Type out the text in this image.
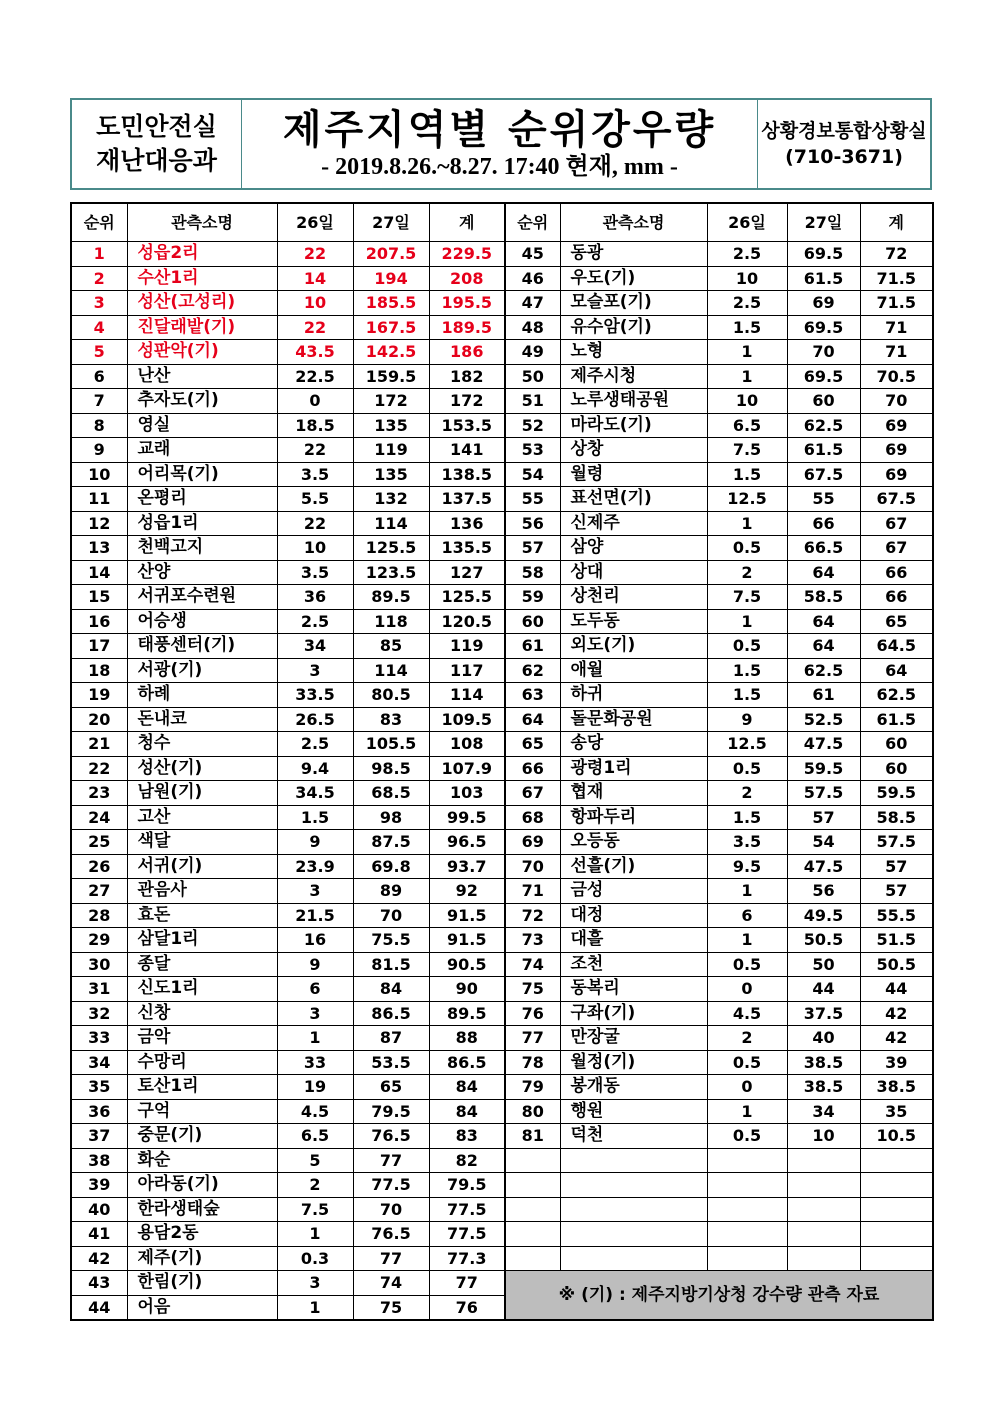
도민안전실
재난대응과
제주지역별 순위강우량
- 2019.8.26.~8.27. 17:40 현재, mm -
상황경보통합상황실
(710-3671)
순위	관측소명	26일	27일	계
1	성읍2리	22	207.5	229.5
2	수산1리	14	194	208
3	성산(고성리)	10	185.5	195.5
4	진달래밭(기)	22	167.5	189.5
5	성판악(기)	43.5	142.5	186
6	난산	22.5	159.5	182
7	추자도(기)	0	172	172
8	영실	18.5	135	153.5
9	교래	22	119	141
10	어리목(기)	3.5	135	138.5
11	온평리	5.5	132	137.5
12	성읍1리	22	114	136
13	천백고지	10	125.5	135.5
14	산양	3.5	123.5	127
15	서귀포수련원	36	89.5	125.5
16	어승생	2.5	118	120.5
17	태풍센터(기)	34	85	119
18	서광(기)	3	114	117
19	하례	33.5	80.5	114
20	돈내코	26.5	83	109.5
21	청수	2.5	105.5	108
22	성산(기)	9.4	98.5	107.9
23	남원(기)	34.5	68.5	103
24	고산	1.5	98	99.5
25	색달	9	87.5	96.5
26	서귀(기)	23.9	69.8	93.7
27	관음사	3	89	92
28	효돈	21.5	70	91.5
29	삼달1리	16	75.5	91.5
30	종달	9	81.5	90.5
31	신도1리	6	84	90
32	신창	3	86.5	89.5
33	금악	1	87	88
34	수망리	33	53.5	86.5
35	토산1리	19	65	84
36	구억	4.5	79.5	84
37	중문(기)	6.5	76.5	83
38	화순	5	77	82
39	아라동(기)	2	77.5	79.5
40	한라생태숲	7.5	70	77.5
41	용담2동	1	76.5	77.5
42	제주(기)	0.3	77	77.3
43	한림(기)	3	74	77
44	어음	1	75	76
순위	관측소명	26일	27일	계
45	동광	2.5	69.5	72
46	우도(기)	10	61.5	71.5
47	모슬포(기)	2.5	69	71.5
48	유수암(기)	1.5	69.5	71
49	노형	1	70	71
50	제주시청	1	69.5	70.5
51	노루생태공원	10	60	70
52	마라도(기)	6.5	62.5	69
53	상창	7.5	61.5	69
54	월령	1.5	67.5	69
55	표선면(기)	12.5	55	67.5
56	신제주	1	66	67
57	삼양	0.5	66.5	67
58	상대	2	64	66
59	상천리	7.5	58.5	66
60	도두동	1	64	65
61	외도(기)	0.5	64	64.5
62	애월	1.5	62.5	64
63	하귀	1.5	61	62.5
64	돌문화공원	9	52.5	61.5
65	송당	12.5	47.5	60
66	광령1리	0.5	59.5	60
67	협재	2	57.5	59.5
68	항파두리	1.5	57	58.5
69	오등동	3.5	54	57.5
70	선흘(기)	9.5	47.5	57
71	금성	1	56	57
72	대정	6	49.5	55.5
73	대흘	1	50.5	51.5
74	조천	0.5	50	50.5
75	동복리	0	44	44
76	구좌(기)	4.5	37.5	42
77	만장굴	2	40	42
78	월정(기)	0.5	38.5	39
79	봉개동	0	38.5	38.5
80	행원	1	34	35
81	덕천	0.5	10	10.5

※ (기) : 제주지방기상청 강수량 관측 자료				
